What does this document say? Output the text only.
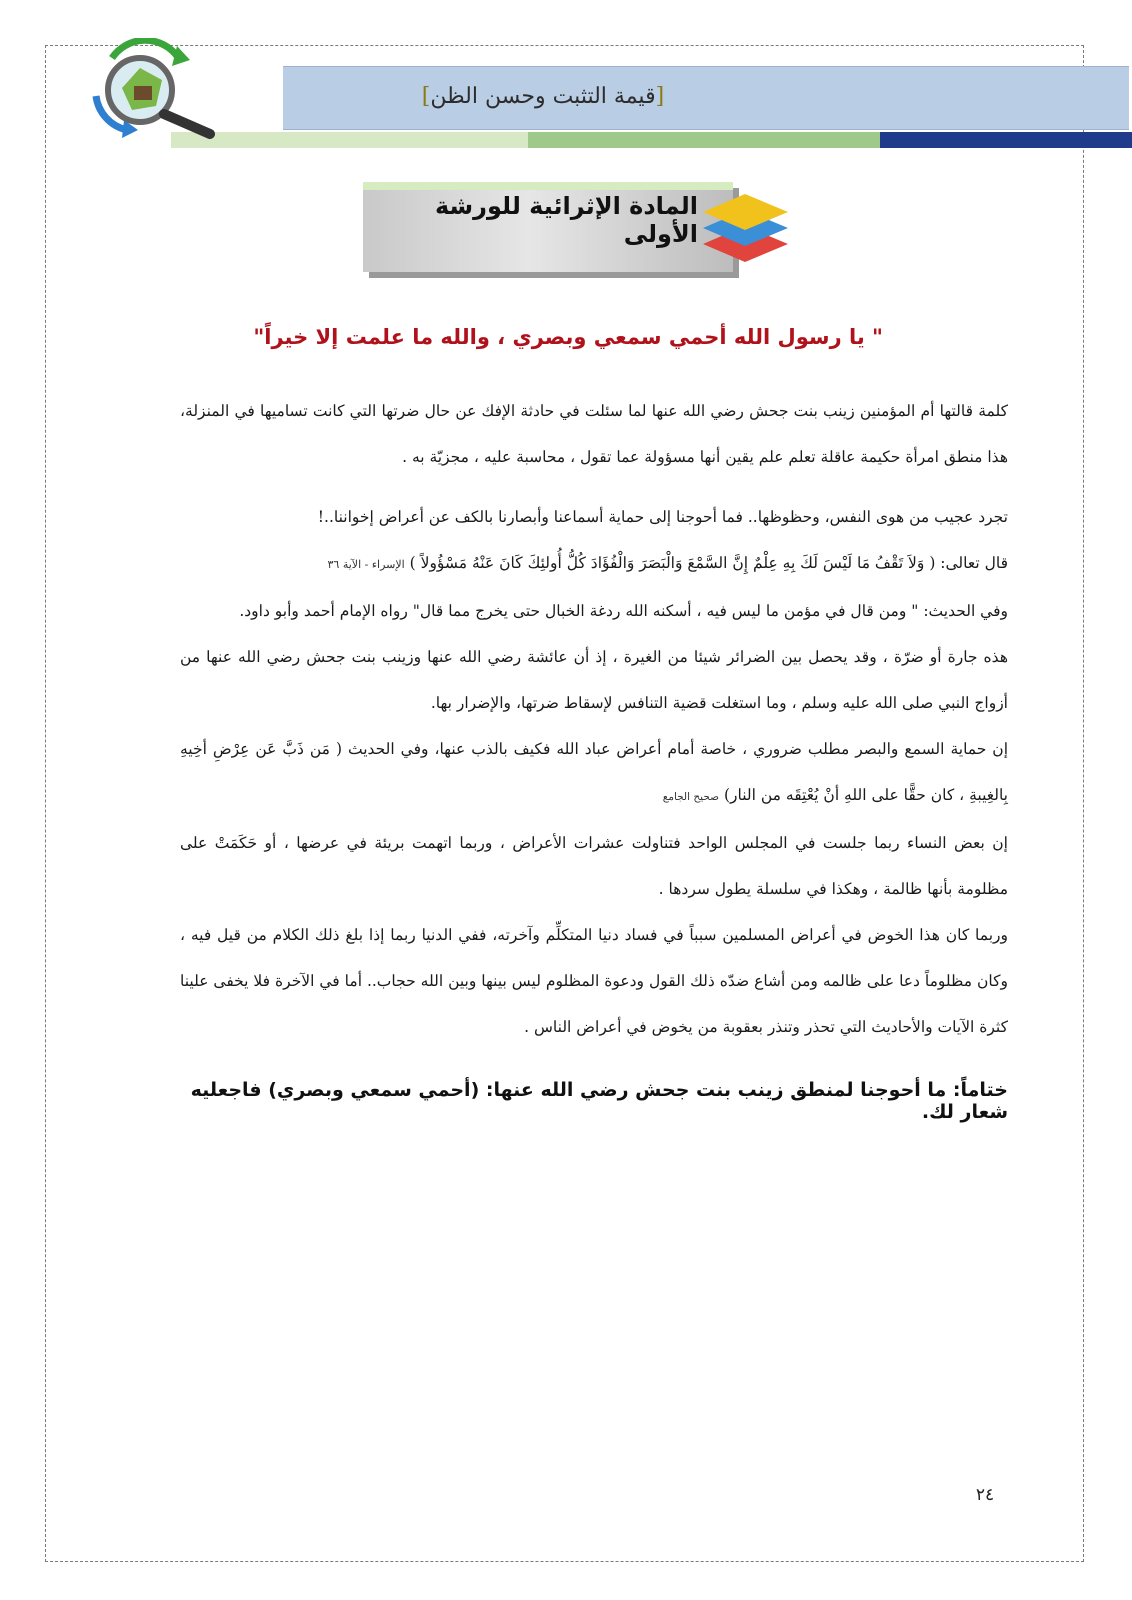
[قيمة التثبت وحسن الظن]
المادة الإثرائية للورشة الأولى
" يا رسول الله أحمي سمعي وبصري ، والله ما علمت إلا خيراً"
كلمة قالتها أم المؤمنين زينب بنت جحش رضي الله عنها لما سئلت في حادثة الإفك عن حال ضرتها التي كانت تساميها في المنزلة، هذا منطق امرأة حكيمة عاقلة تعلم علم يقين أنها مسؤولة عما تقول ، محاسبة عليه ، مجزيّة به .
تجرد عجيب من هوى النفس، وحظوظها.. فما أحوجنا إلى حماية أسماعنا وأبصارنا بالكف عن أعراض إخواننا..!
قال تعالى: ( وَلاَ تَقْفُ مَا لَيْسَ لَكَ بِهِ عِلْمٌ إِنَّ السَّمْعَ وَالْبَصَرَ وَالْفُؤَادَ كُلُّ أُولئِكَ كَانَ عَنْهُ مَسْؤُولاً ) الإسراء - الآية ٣٦
وفي الحديث: " ومن قال في مؤمن ما ليس فيه ، أسكنه الله ردغة الخبال حتى يخرج مما قال" رواه الإمام أحمد وأبو داود.
هذه جارة أو ضرّة ، وقد يحصل بين الضرائر شيئا من الغيرة ، إذ أن عائشة رضي الله عنها وزينب بنت جحش رضي الله عنها من أزواج النبي صلى الله عليه وسلم ، وما استغلت قضية التنافس لإسقاط ضرتها، والإضرار بها.
إن حماية السمع والبصر مطلب ضروري ، خاصة أمام أعراض عباد الله فكيف بالذب عنها، وفي الحديث ( مَن ذَبَّ عَن عِرْضِ أخِيهِ بِالغِيبةِ ، كان حقًّا على اللهِ أنْ يُعْتِقَه من النار) صحيح الجامع
إن بعض النساء ربما جلست في المجلس الواحد فتناولت عشرات الأعراض ، وربما اتهمت بريئة في عرضها ، أو حَكَمَتْ على مظلومة بأنها ظالمة ، وهكذا في سلسلة يطول سردها .
وربما كان هذا الخوض في أعراض المسلمين سبباً في فساد دنيا المتكلِّم وآخرته، ففي الدنيا ربما إذا بلغ ذلك الكلام من قيل فيه ، وكان مظلوماً دعا على ظالمه ومن أشاع ضدّه ذلك القول ودعوة المظلوم ليس بينها وبين الله حجاب.. أما في الآخرة فلا يخفى علينا كثرة الآيات والأحاديث التي تحذر وتنذر بعقوبة من يخوض في أعراض الناس .
ختاماً: ما أحوجنا لمنطق زينب بنت جحش رضي الله عنها: (أحمي سمعي وبصري) فاجعليه شعار لك.
٢٤
